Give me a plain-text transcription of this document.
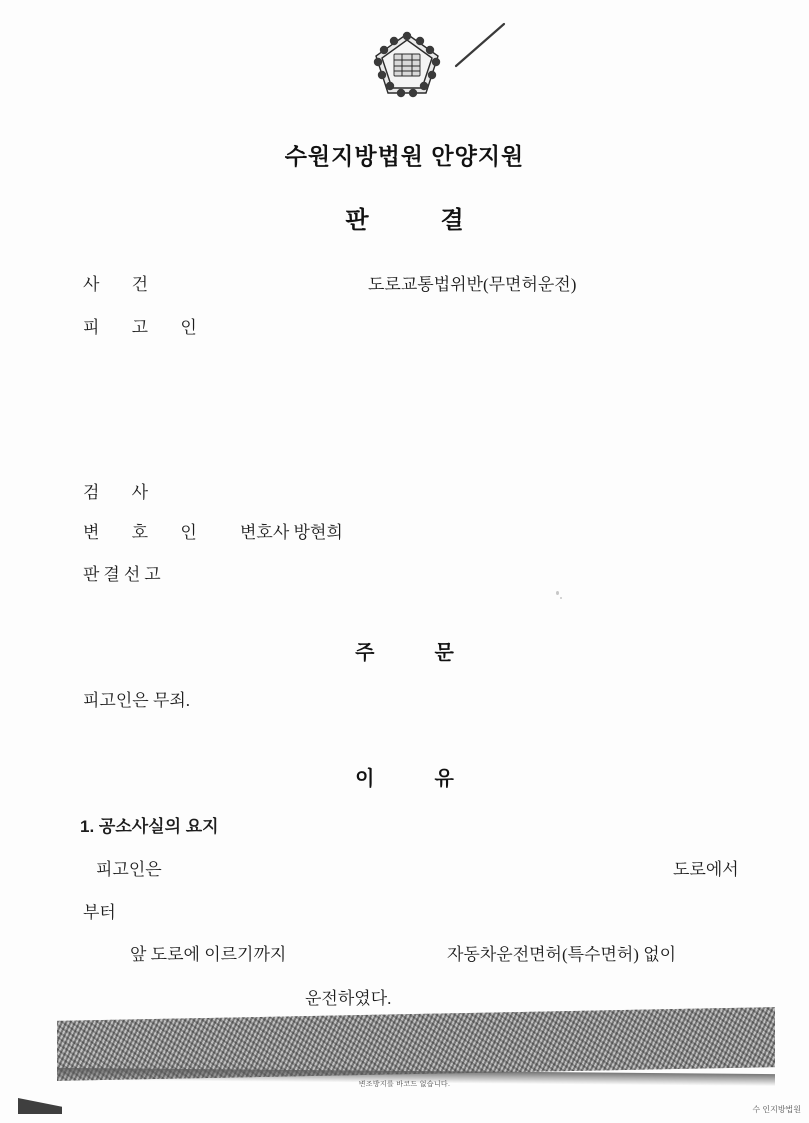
수원지방법원 안양지원
판	결
사 건	도로교통법위반(무면허운전)
피 고 인
검 사
변 호 인 변호사 방현희
판결선고
주	문
피고인은 무죄.
이	유
1. 공소사실의 요지
피고인은	도로에서
부터
앞 도로에 이르기까지	자동차운전면허(특수면허) 없이
운전하였다.
변조방지를 바코드 없습니다.
수 인지방법원
